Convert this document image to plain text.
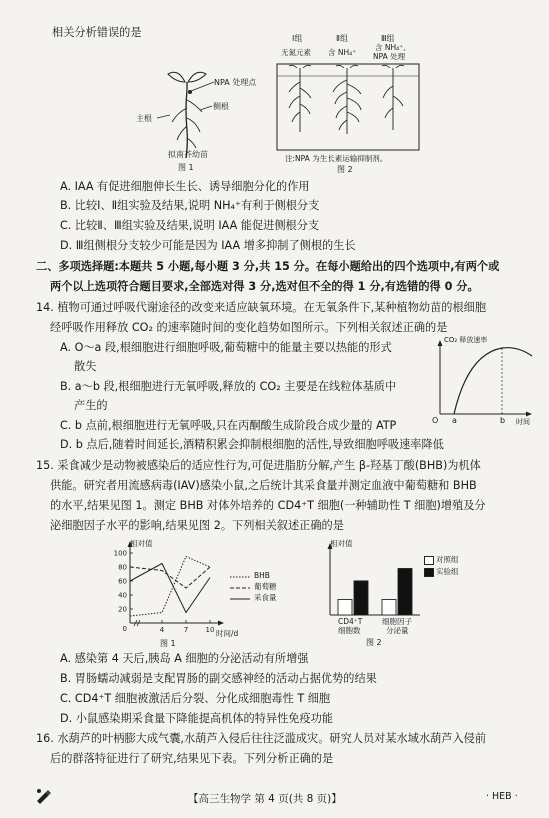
相关分析错误的是
NPA 处理点
主根
侧根
拟南芥幼苗
图 1
Ⅰ组	Ⅱ组	Ⅲ组
无氮元素 含 NH₄⁺
含 NH₄⁺、
NPA 处理
注:NPA 为生长素运输抑制剂。
图 2
A. IAA 有促进细胞伸长生长、诱导细胞分化的作用
B. 比较Ⅰ、Ⅱ组实验及结果,说明 NH₄⁺有利于侧根分支
C. 比较Ⅱ、Ⅲ组实验及结果,说明 IAA 能促进侧根分支
D. Ⅲ组侧根分支较少可能是因为 IAA 增多抑制了侧根的生长
二、多项选择题:本题共 5 小题,每小题 3 分,共 15 分。在每小题给出的四个选项中,有两个或
两个以上选项符合题目要求,全部选对得 3 分,选对但不全的得 1 分,有选错的得 0 分。
14. 植物可通过呼吸代谢途径的改变来适应缺氧环境。在无氧条件下,某种植物幼苗的根细胞
经呼吸作用释放 CO₂ 的速率随时间的变化趋势如图所示。下列相关叙述正确的是
A. O～a 段,根细胞进行细胞呼吸,葡萄糖中的能量主要以热能的形式
散失
B. a～b 段,根细胞进行无氧呼吸,释放的 CO₂ 主要是在线粒体基质中
产生的
C. b 点前,根细胞进行无氧呼吸,只在丙酮酸生成阶段合成少量的 ATP
D. b 点后,随着时间延长,酒精积累会抑制根细胞的活性,导致细胞呼吸速率降低
CO₂ 释放速率
时间
O a	b
15. 采食减少是动物被感染后的适应性行为,可促进脂肪分解,产生 β-羟基丁酸(BHB)为机体
供能。研究者用流感病毒(IAV)感染小鼠,之后统计其采食量并测定血液中葡萄糖和 BHB
的水平,结果见图 1。测定 BHB 对体外培养的 CD4⁺T 细胞(一种辅助性 T 细胞)增殖及分
泌细胞因子水平的影响,结果见图 2。下列相关叙述正确的是
100
80
60
40
20
0	4	7 10
相对值
时间/d
图 1
BHB
葡萄糖
采食量
相对值
对照组
实验组
CD4⁺T
细胞数
细胞因子
分泌量
图 2
A. 感染第 4 天后,胰岛 A 细胞的分泌活动有所增强
B. 胃肠蠕动减弱是支配胃肠的副交感神经的活动占据优势的结果
C. CD4⁺T 细胞被激活后分裂、分化成细胞毒性 T 细胞
D. 小鼠感染期采食量下降能提高机体的特异性免疫功能
16. 水葫芦的叶柄膨大成气囊,水葫芦入侵后往往泛滥成灾。研究人员对某水域水葫芦入侵前
后的群落特征进行了研究,结果见下表。下列分析正确的是
【高三生物学 第 4 页(共 8 页)】	· HEB ·
